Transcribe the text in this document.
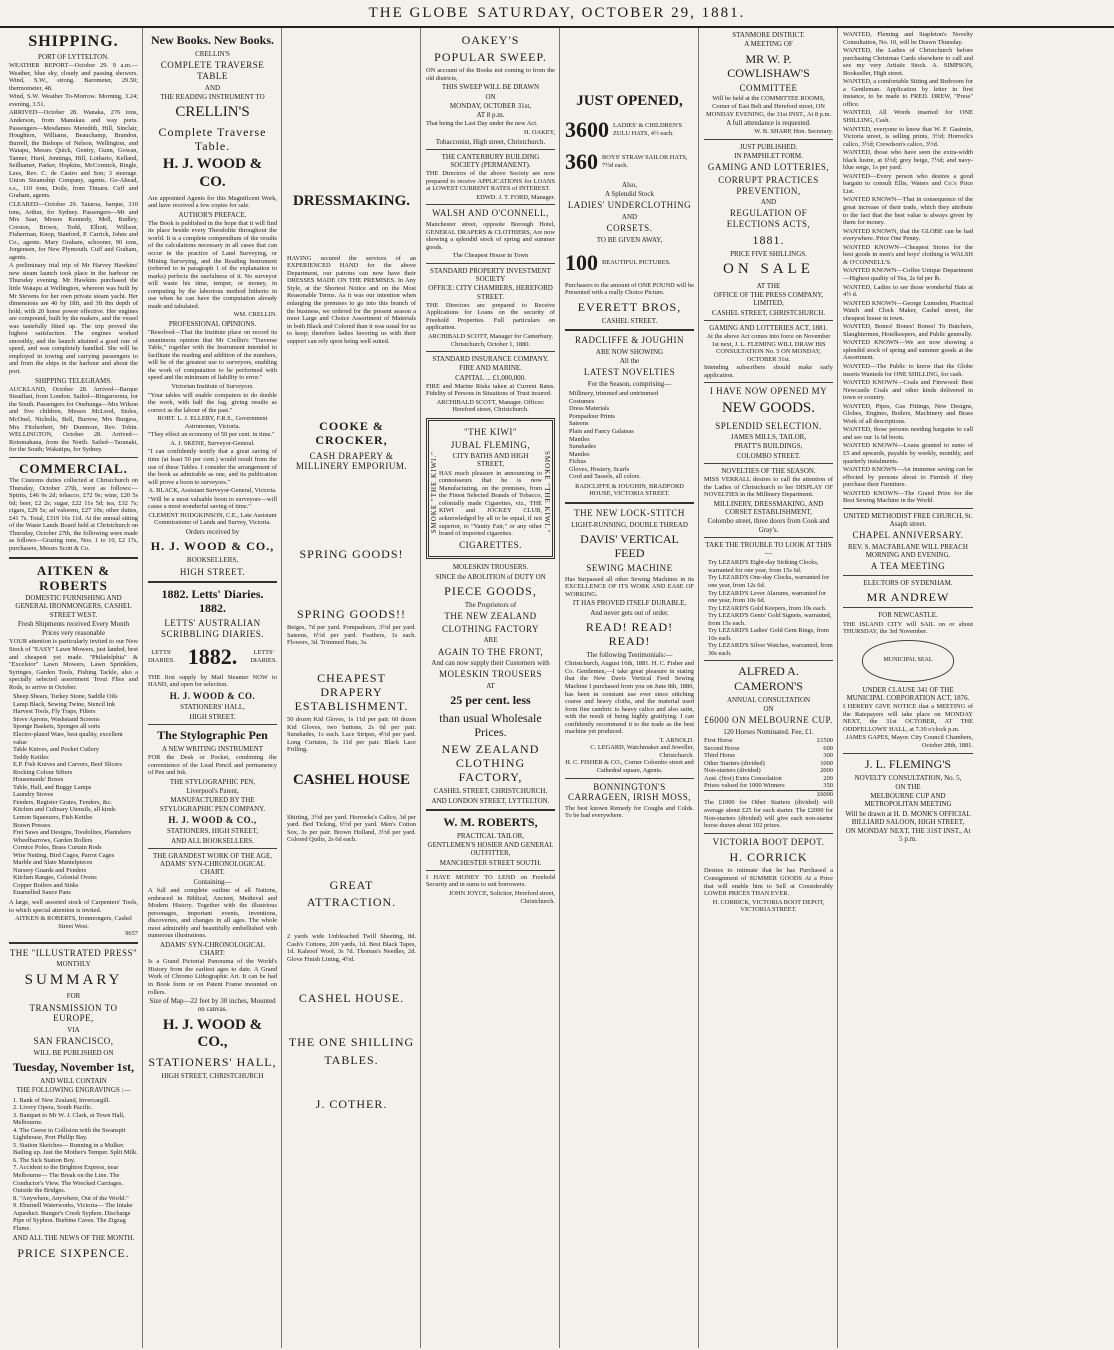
THE GLOBE SATURDAY, OCTOBER 29, 1881.
SHIPPING.
PORT OF LYTTELTON.

WEATHER REPORT—October 29. 9 a.m.—Weather, blue sky, cloudy and passing showers. Wind, S.W., strong. Barometer, 29.50; thermometer, 48.

Wind, S.W. Weather To-Morrow. Morning, 3.24; evening, 3.51.

ARRIVED—October 28. Wanaka, 276 tons, Anderson, from Manukau and way ports. Passengers—Mesdames Meredith, Hill, Sinclair, Houghton, Williams, Beauchamp, Brandon, Burrell, the Bishops of Nelson, Wellington, and Waiapu, Messrs Quick, Gentry, Gunn, Gowan, Tanner, Hurd, Jennings, Hill, Lothario, Kelland, Seilhamer, Parker, Hopkins, McCormick, Ringle, Lees, Rev. C. de Castro and Son; 3 steerage. Union Steamship Company, agents. Go-Ahead, s.s., 110 tons, Doile, from Timaru. Cuff and Graham, agents.

CLEARED—October 29. Taiaroa, barque, 310 tons, Arthur, for Sydney. Passengers—Mr and Mrs Saar, Messrs Kennedy, Mell, Rudley, Creston, Brown, Todd, Elliott, Willson, Fisherman, Knop, Stanford, P. Carrick, Johns and Co., agents. Mary Graham, schooner, 90 tons, Jorgensen, for New Plymouth. Cuff and Graham, agents.

A preliminary trial trip of Mr Harvey Hawkins' new steam launch took place in the harbour on Thursday evening. Mr Hawkins purchased the little Waiapu at Wellington, whereon was built by Mr Stevens for her own private steam yacht. Her dimensions are 40 by 18ft, and 3ft 8in depth of hold, with 20 horse power effective. Her engines are compound, built by the makers, and the vessel was tastefully fitted up. The trip proved the highest satisfaction. The engines worked smoothly, and the launch attained a good rate of speed, and was completely handled. She will be employed in towing and carrying passengers to and from the ships in the harbour and about the port.

SHIPPING TELEGRAMS.

AUCKLAND, October 28. Arrived—Barque Steadfast, from London. Sailed—Ringarooma, for the South. Passengers for Onehunga—Mrs Wilson and five children, Messrs McLeod, Stoles, McOnel, Nicholls, Bell, Burrow, Mrs Burgess, Mrs Fitzherbert, Mr Dunmore, Rev. Tobin. WELLINGTON, October 28. Arrived—Rotomahana, from the North. Sailed—Taranaki, for the South; Wakatipu, for Sydney.

COMMERCIAL.

The Customs duties collected at Christchurch on Thursday, October 27th, were as follows:—Spirits, £46 9s 2d; tobacco, £72 9s; wine, £20 5s 6d; beer, £2 2s; sugar, £22 11s 5d; tea, £32 7s; cigars, £29 5s; ad valorem, £27 10s; other duties, £41 7s. Total, £319 16s 11d. At the annual sitting of the Waste Lands Board held at Christchurch on Thursday, October 27th, the following were made as follows—Grazing runs, Nos. 1 to 10, £2 17s, purchasers, Messrs Scott & Co.

AITKEN & ROBERTS
DOMESTIC FURNISHING AND GENERAL IRONMONGERS, CASHEL STREET WEST.
Fresh Shipments received Every Month
Prices very reasonable

YOUR attention is particularly invited to our New Stock of "EASY" Lawn Mowers, just landed, best and cheapest yet made. "Philadelphia" & "Excelsior" Lawn Mowers, Lawn Sprinklers, Syringes, Garden Tools, Fishing Tackle, also a specially selected assortment Trout Flies and Rods, to arrive in October.

Sheep Shears, Turkey Stone, Saddle Oils
Lamp Black, Sewing Twine, Stencil Ink
Harvest Tools, Fly Traps, Filters
Stove Aprons, Washstand Screens
Sponge Baskets, Sponges all sorts
Electro-plated Ware, best quality, excellent value
Table Knives, and Pocket Cutlery
Teddy Kettles
E.P. Fish Knives and Carvers, Beef Slicers
Rocking Colour Sifters
Housemaids' Boxes
Table, Hall, and Buggy Lamps
Laundry Stoves
Fenders, Register Grates, Fenders, &c.
Kitchen and Culinary Utensils, all kinds
Lemon Squeezers, Fish Kettles
Brawn Presses
Fret Saws and Designs, Toodolites, Planishers
Wheelbarrows, Garden Rollers
Cornice Poles, Brass Curtain Rods
Wire Netting, Bird Cages, Parrot Cages
Marble and Slate Mantelpieces
Nursery Guards and Fenders
Kitchen Ranges, Colonial Ovens
Copper Boilers and Sinks
Enamelled Sauce Pans

A large, well assorted stock of Carpenters' Tools, to which special attention is invited.

AITKEN & ROBERTS, Ironmongers, Cashel Street West.
9657
THE "ILLUSTRATED PRESS"
MONTHLY
SUMMARY
FOR
TRANSMISSION TO EUROPE,
VIA
SAN FRANCISCO,
WILL BE PUBLISHED ON
Tuesday, November 1st,
AND WILL CONTAIN
THE FOLLOWING ENGRAVINGS :—
1. Bank of New Zealand, Invercargill.
2. Livery Opera, South Pacific.
3. Banquet to Mr W. J. Clark, at Town Hall, Melbourne.
4. The Geese in Collision with the Swanspit Lighthouse, Port Phillip Bay.
5. Station Sketches— Running in a Mulker. Bailing up. Just the Mother's Temper. Split Milk.
6. The Sick Station Boy.
7. Accident to the Brighton Express, near Melbourne— The Break on the Line. The Conductor's View. The Wrecked Carriages. Outside the Bridges.
8. "Anywhere, Anywhere, Out of the World."
9. Eburnell Waterworks, Victoria— The Intake Aqueduct. Bunger's Creek Syphon. Discharge Pipe of Syphon. Burbine Caves. The Zigzag Flume.
AND ALL THE NEWS OF THE MONTH.
PRICE SIXPENCE.
New Books. New Books.
CRELLIN'S
COMPLETE TRAVERSE TABLE
AND
THE READING INSTRUMENT TO
CRELLIN'S
Complete Traverse Table.
H. J. WOOD & CO.

Are appointed Agents for this Magnificent Work, and have received a few copies for sale.

AUTHOR'S PREFACE.

The Book is published in the hope that it will find its place beside every Theodolite throughout the world. It is a complete compendium of the results of the calculations necessary in all cases that can occur in the practice of Land Surveying, or Mining Surveying, and the Reading Instrument (referred to in paragraph 1 of the explanation to marks) perfects the usefulness of it. No surveyor will waste his time, temper, or money, in computing by the laborious method hitherto in use when he can have the computation already made and tabulated.

WM. CRELLIN.
PROFESSIONAL OPINIONS.

"Resolved—That the Institute place on record its unanimous opinion that Mr Crellin's "Traverse Table," together with the Instrument intended to facilitate the reading and addition of the numbers, will be of the greatest use to surveyors, enabling the work of computation to be performed with speed and the minimum of liability to error."

Victorian Institute of Surveyors.

"Your tables will enable computers to do double the work, with half the fag, giving results as correct as the labour of the past."

ROBT. L. J. ELLERY, F.R.S., Government Astronomer, Victoria.

"They effect an economy of 50 per cent. in time."

A. J. SKENE, Surveyor-General.

"I can confidently testify that a great saving of time (at least 50 per cent.) would result from the use of these Tables. I consider the arrangement of the book as admirable as one, and its publication will prove a boon to surveyors."

A. BLACK, Assistant Surveyor-General, Victoria.

"Will be a most valuable boon to surveyors—will cause a most wonderful saving of time."

CLEMENT HODGKINSON, C.E., Late Assistant Commissioner of Lands and Survey, Victoria.
Orders received by
H. J. WOOD & CO.,
BOOKSELLERS,
HIGH STREET.
1882. Letts' Diaries. 1882.
LETTS' AUSTRALIAN SCRIBBLING DIARIES.
LETTS'
DIARIES. 1882.	LETTS'
DIARIES.

THE first supply by Mail Steamer NOW to HAND, and open for selection.

H. J. WOOD & CO.
STATIONERS' HALL,
HIGH STREET.
The Stylographic Pen
A NEW WRITING INSTRUMENT

FOR the Desk or Pocket, combining the convenience of the Lead Pencil and permanency of Pen and Ink.

THE STYLOGRAPHIC PEN,
Liverpool's Patent,
MANUFACTURED BY THE STYLOGRAPHIC PEN COMPANY.
H. J. WOOD & CO.,
STATIONERS, HIGH STREET,
AND ALL BOOKSELLERS.
THE GRANDEST WORK OF THE AGE, ADAMS' SYN-CHRONOLOGICAL CHART.
Containing—

A full and complete outline of all Nations, embraced in Biblical, Ancient, Medieval and Modern History. Together with the illustrious personages, important events, inventions, discoveries, and changes in all ages. The whole most admirably and beautifully embellished with numerous illustrations.

ADAMS' SYN-CHRONOLOGICAL CHART:

Is a Grand Pictorial Panorama of the World's History from the earliest ages to date. A Grand Work of Chromo Lithographic Art. It can be had in Book form or on Patent Frame mounted on rollers.

Size of Map—22 feet by 30 inches, Mounted on canvas.
H. J. WOOD & CO.,
STATIONERS' HALL,
HIGH STREET, CHRISTCHURCH
DRESSMAKING.

HAVING secured the services of an EXPERIENCED HAND for the above Department, our patrons can now have their DRESSES MADE ON THE PREMISES. In Any Style, at the Shortest Notice and on the Most Reasonable Terms. As it was our intention when enlarging the premises to go into this branch of the business, we ordered for the present season a most Large and Choice Assortment of Materials in both Black and Colored than it was usual for us to keep; therefore ladies favoring us with their support can rely upon being well suited.

COOKE & CROCKER,
CASH DRAPERY & MILLINERY EMPORIUM.
SPRING GOODS!
SPRING GOODS!!

Beiges, 7d per yard. Pompadours, 3½d per yard. Sateens, 6½d per yard. Feathers, 1s each. Flowers, 3d. Trimmed Hats, 3s.

CHEAPEST DRAPERY ESTABLISHMENT.

50 dozen Kid Gloves, 1s 11d per pair. 60 dozen Kid Gloves, two buttons, 2s 6d per pair. Sunshades, 1s each. Lace Stripes, 4½d per yard. Long Curtains, 3s 11d per pair. Black Lace Frilling.

CASHEL HOUSE

Shirting, 3½d per yard. Horrocks's Calico, 3d per yard. Bed Ticking, 6½d per yard. Men's Cotton Sox, 3s per pair. Brown Holland, 3½d per yard. Colored Quilts, 2s 6d each.

GREAT
ATTRACTION.

2 yards wide Unbleached Twill Sheeting, 8d. Cash's Cottons, 200 yards, 1d. Best Black Tapes, 1d. Kalsoof Wool, 3s 7d. Thomas's Needles, 2d. Glove Finish Lining, 4½d.

CASHEL HOUSE.
THE ONE SHILLING
TABLES.
J. COTHER.
OAKEY'S
POPULAR SWEEP.

ON account of the Books not coming to from the old districts,

THIS SWEEP WILL BE DRAWN
ON
MONDAY, OCTOBER 31st,
AT 8 p.m.

That being the Last Day under the new Act.

H. OAKEY,
Tobacconist, High street, Christchurch.
THE CANTERBURY BUILDING SOCIETY (PERMANENT).

THE Directors of the above Society are now prepared to receive APPLICATIONS for LOANS at LOWEST CURRENT RATES of INTEREST.

EDWD. J. T. FORD, Manager.
WALSH AND O'CONNELL,

Manchester street, opposite Borough Hotel, GENERAL DRAPERS & CLOTHIERS, Are now showing a splendid stock of spring and summer goods.

The Cheapest House in Town
STANDARD PROPERTY INVESTMENT SOCIETY
OFFICE: CITY CHAMBERS, HEREFORD STREET.

THE Directors are prepared to Receive Applications for Loans on the security of Freehold Properties. Full particulars on application.

ARCHIBALD SCOTT, Manager for Canterbury. Christchurch, October 1, 1880.
STANDARD INSURANCE COMPANY.
FIRE AND MARINE.
CAPITAL ... £1,000,000.

FIRE and Marine Risks taken at Current Rates. Fidelity of Persons in Situations of Trust insured.

ARCHIBALD SCOTT, Manager. Offices: Hereford street, Christchurch.
SMOKE "THE KIWI."	SMOKE "THE KIWI."
"THE KIWI"
JUBAL FLEMING,
CITY BATHS AND HIGH STREET,

HAS much pleasure in announcing to connoisseurs that he is now Manufacturing, on the premises, from the Finest Selected Brands of Tobacco, colonially made Cigarettes, viz., THE KIWI and JOCKEY CLUB, acknowledged by all to be equal, if not superior, to "Vanity Fair," or any other brand of imported cigarettes.

CIGARETTES.
MOLESKIN TROUSERS.
SINCE the ABOLITION of DUTY ON
PIECE GOODS,
The Proprietors of
THE NEW ZEALAND
CLOTHING FACTORY
ARE
AGAIN TO THE FRONT,
And can now supply their Customers with
MOLESKIN TROUSERS
AT
25 per cent. less
than usual Wholesale Prices.
NEW ZEALAND CLOTHING FACTORY,
CASHEL STREET, CHRISTCHURCH,
AND LONDON STREET, LYTTELTON.
W. M. ROBERTS,
PRACTICAL TAILOR,
GENTLEMEN'S HOSIER AND GENERAL OUTFITTER,
MANCHESTER STREET SOUTH.

I HAVE MONEY TO LEND on Freehold Security and in sums to suit borrowers.

JOHN JOYCE, Solicitor, Hereford street, Christchurch.
JUST OPENED,
3600 LADIES' & CHILDREN'S ZULU HATS, 4½ each.
360 BOYS' STRAW SAILOR HATS, 7½d each.
Also,
A Splendid Stock
LADIES' UNDERCLOTHING
AND
CORSETS.
TO BE GIVEN AWAY,
100 BEAUTIFUL PICTURES.

Purchasers to the amount of ONE POUND will be Presented with a really Choice Picture.

EVERETT BROS,
CASHEL STREET.
RADCLIFFE & JOUGHIN
ARE NOW SHOWING
All the
LATEST NOVELTIES
For the Season, comprising—
Millinery, trimmed and untrimmed
Costumes
Dress Materials
Pompadour Prints
Sateens
Plain and Fancy Galateas
Mantles
Sunshades
Mantles
Fichus
Gloves, Hosiery, Scarfs
Cord and Tassels, all colors.
RADCLIFFE & JOUGHIN, BRADFORD HOUSE, VICTORIA STREET.
THE NEW LOCK-STITCH
LIGHT-RUNNING, DOUBLE THREAD
DAVIS' VERTICAL FEED
SEWING MACHINE

Has Surpassed all other Sewing Machines in its EXCELLENCE OF ITS WORK AND EASE OF WORKING.

IT HAS PROVED ITSELF DURABLE,
And never gets out of order.
READ! READ! READ!
The following Testimonials:—

Christchurch, August 16th, 1881. H. C. Fisher and Co. Gentlemen,—I take great pleasure in stating that the New Davis Vertical Feed Sewing Machine I purchased from you on June 8th, 1880, has been in constant use ever since stitching coarse and heavy cloths, and the material used from fine cambric to heavy calico and also satin, with the result of being highly gratifying. I can confidently recommend it to the trade as the best machine yet produced.

T. ARNOLD.
C. LEGARD, Watchmaker and Jeweller, Christchurch.
H. C. FISHER & CO., Corner Colombo street and Cathedral square, Agents.
BONNINGTON'S CARRAGEEN, IRISH MOSS,

The best known Remedy for Coughs and Colds. To be had everywhere.

STANMORE DISTRICT.
A MEETING OF
MR W. P. COWLISHAW'S
COMMITTEE

Will be held at the COMMITTEE ROOMS, Corner of East Belt and Hereford street, ON MONDAY EVENING, the 31st INST., At 8 p.m.

A full attendance is requested.
W. B. SHARP, Hon. Secretary.
JUST PUBLISHED.
IN PAMPHLET FORM.
GAMING AND LOTTERIES,
CORRUPT PRACTICES PREVENTION,
AND
REGULATION OF ELECTIONS ACTS,
1881.
PRICE FIVE SHILLINGS.
ON SALE
AT THE
OFFICE OF THE PRESS COMPANY, LIMITED,
CASHEL STREET, CHRISTCHURCH.
GAMING AND LOTTERIES ACT, 1881.

At the above Act comes into force on November 1st next, J. L. FLEMING WILL DRAW HIS CONSULTATION No. 5 ON MONDAY, OCTOBER 31st.

Intending subscribers should make early application.

I HAVE NOW OPENED MY
NEW GOODS.
SPLENDID SELECTION.
JAMES MILLS, TAILOR,
PRATT'S BUILDINGS,
COLOMBO STREET.
NOVELTIES OF THE SEASON.

MISS VERRALL desires to call the attention of the Ladies of Christchurch to her DISPLAY OF NOVELTIES in the Millinery Department.

MILLINERY, DRESSMAKING, AND CORSET ESTABLISHMENT,
Colombo street, three doors from Cook and Gray's.
TAKE THE TROUBLE TO LOOK AT THIS—
Try LEZARD'S Eight-day Striking Clocks, warranted for one year, from 15s 6d.
Try LEZARD'S One-day Clocks, warranted for one year, from 12s 6d.
Try LEZARD'S Lever Alarums, warranted for one year, from 10s 6d.
Try LEZARD'S Gold Keepers, from 10s each.
Try LEZARD'S Gents' Gold Signets, warranted, from 15s each.
Try LEZARD'S Ladies' Gold Gem Rings, from 10s each.
Try LEZARD'S Silver Watches, warranted, from 30s each.
ALFRED A. CAMERON'S
ANNUAL CONSULTATION
ON
£6000 ON MELBOURNE CUP.
120 Horses Nominated. Fee, £1.
First Horse	£1500
Second Horse	600
Third Horse	300
Other Starters (divided)	1000
Non-starters (divided)	2000
Aust. (first) Extra Consolation	200
Prizes valued for 1000 Winners	350
£6000

The £1000 for Other Starters (divided) will average about £25 for each starter. The £2000 for Non-starters (divided) will give each non-starter horse drawn about 102 prizes.

VICTORIA BOOT DEPOT.
H. CORRICK

Desires to intimate that he has Purchased a Consignment of SUMMER GOODS At a Price that will enable him to Sell at Considerably LOWER PRICES THAN EVER.

H. CORRICK, VICTORIA BOOT DEPOT, VICTORIA STREET.

WANTED, Fleming and Stapleton's Novelty Consultation, No. 10, will be Drawn Thursday.

WANTED, the Ladies of Christchurch before purchasing Christmas Cards elsewhere to call and see my very Artistic Stock. A. SIMPSON, Bookseller, High street.

WANTED, a comfortable Sitting and Bedroom for a Gentleman. Application by letter in first instance, to be made to FRED. DREW, "Press" office.

WANTED, All Words inserted for ONE SHILLING, Cash.

WANTED, everyone to know that W. F. Gastrein, Victoria street, is selling prints, 3½d; Horrock's calico, 3½d; Crewdson's calico, 3½d.

WANTED, those who have seen the extra-width black lustre, at 6½d; grey beige, 7½d; and navy-blue serge, 1s per yard.

WANTED—Every person who desires a good bargain to consult Ellis, Waters and Co.'s Price List.

WANTED KNOWN—That in consequence of the great increase of their trade, which they attribute to the fact that the best value is always given by them for money.

WANTED KNOWN, that the GLOBE can be had everywhere. Price One Penny.

WANTED KNOWN—Cheapest Stores for the best goods in men's and boys' clothing is WALSH & O'CONNELL'S.

WANTED KNOWN—Coffee Unique Department—Highest quality of Tea, 2s 6d per lb.

WANTED, Ladies to see those wonderful Hats at 4½ d.

WANTED KNOWN—George Lumsden, Practical Watch and Clock Maker, Cashel street, the cheapest house in town.

WANTED, Bones! Bones! Bones! To Butchers, Slaughtermen, Hotelkeepers, and Public generally.

WANTED KNOWN—We are now showing a splendid stock of spring and summer goods at the Assortment.

WANTED—The Public to know that the Globe inserts Wanteds for ONE SHILLING, for cash.

WANTED KNOWN—Coals and Firewood: Best Newcastle Coals and other kinds delivered in town or country.

WANTED, Pipes, Gas Fittings, New Designs, Globes, Engines, Boilers, Machinery and Brass Work of all descriptions.

WANTED, those persons needing bargains to call and see our 1s 6d boots.

WANTED KNOWN—Loans granted to sums of £5 and upwards, payable by weekly, monthly, and quarterly instalments.

WANTED KNOWN—An immense saving can be effected by persons about to Furnish if they purchase their Furniture.

WANTED KNOWN—The Grand Prize for the Best Sewing Machine in the World.

UNITED METHODIST FREE CHURCH, St. Asaph street.
CHAPEL ANNIVERSARY.
REV. S. MACFARLANE WILL PREACH MORNING AND EVENING.
A TEA MEETING
ELECTORS OF SYDENHAM.
MR ANDREW
FOR NEWCASTLE.

THE ISLAND CITY will SAIL on or about THURSDAY, the 3rd November.

MUNICIPAL SEAL
UNDER CLAUSE 341 OF THE MUNICIPAL CORPORATION ACT, 1876.

I HEREBY GIVE NOTICE that a MEETING of the Ratepayers will take place on MONDAY NEXT, the 31st OCTOBER, AT THE ODDFELLOWS' HALL, at 7.30 o'clock p.m.

JAMES GAPES, Mayor. City Council Chambers, October 28th, 1881.
J. L. FLEMING'S
NOVELTY CONSULTATION, No. 5,
ON THE
MELBOURNE CUP AND METROPOLITAN MEETING
Will be drawn at H. D. MONK'S OFFICIAL BILLIARD SALOON, HIGH STREET,
ON MONDAY NEXT, THE 31ST INST., At 5 p.m.
